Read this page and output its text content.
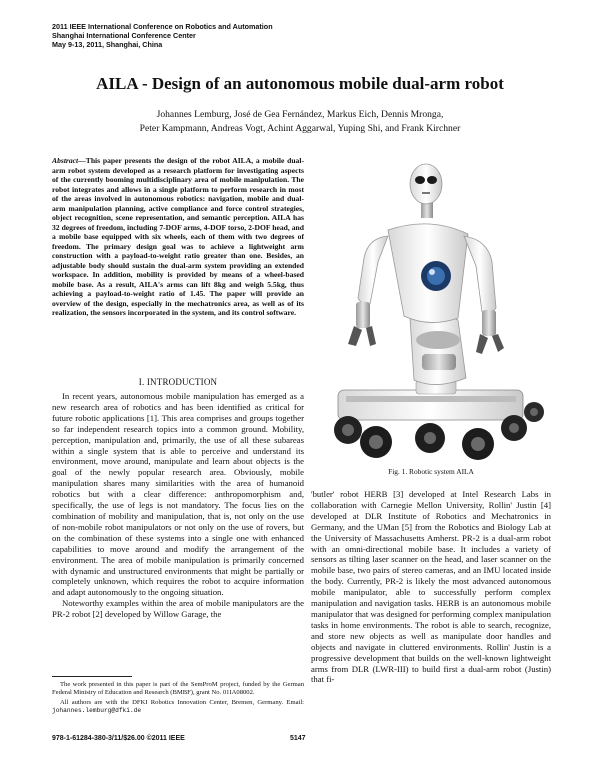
2011 IEEE International Conference on Robotics and Automation
Shanghai International Conference Center
May 9-13, 2011, Shanghai, China
AILA - Design of an autonomous mobile dual-arm robot
Johannes Lemburg, José de Gea Fernández, Markus Eich, Dennis Mronga,
Peter Kampmann, Andreas Vogt, Achint Aggarwal, Yuping Shi, and Frank Kirchner
Abstract—This paper presents the design of the robot AILA, a mobile dual-arm robot system developed as a research platform for investigating aspects of the currently booming multidisciplinary area of mobile manipulation. The robot integrates and allows in a single platform to perform research in most of the areas involved in autonomous robotics: navigation, mobile and dual-arm manipulation planning, active compliance and force control strategies, object recognition, scene representation, and semantic perception. AILA has 32 degrees of freedom, including 7-DOF arms, 4-DOF torso, 2-DOF head, and a mobile base equipped with six wheels, each of them with two degrees of freedom. The primary design goal was to achieve a lightweight arm construction with a payload-to-weight ratio greater than one. Besides, an adjustable body should sustain the dual-arm system providing an extended workspace. In addition, mobility is provided by means of a wheel-based mobile base. As a result, AILA's arms can lift 8kg and weigh 5.5kg, thus achieving a payload-to-weight ratio of 1.45. The paper will provide an overview of the design, especially in the mechatronics area, as well as of its realization, the sensors incorporated in the system, and its control software.
I. INTRODUCTION

In recent years, autonomous mobile manipulation has emerged as a new research area of robotics and has been identified as critical for future robotic applications [1]. This area comprises and groups together so far independent research topics into a common ground. Mobility, perception, manipulation and, primarily, the use of all these subareas within a single system that is able to perceive and understand its environment, move around, manipulate and learn about objects is the goal of the newly popular research area. Obviously, mobile manipulation shares many similarities with the area of humanoid robotics but with a clear difference: anthropomorphism and, specifically, the use of legs is not mandatory. The focus lies on the combination of mobility and manipulation, that is, not only on the use of non-mobile robot manipulators or not only on the use of rovers, but on the combination of these systems into a single one with enhanced capabilities to move around and modify the arrangement of the environment. The area of mobile manipulation is primarily concerned with dynamic and unstructured environments that might be partially or completely unknown, which requires the robot to acquire information and adapt autonomously to the ongoing situation.

Noteworthy examples within the area of mobile manipulators are the PR-2 robot [2] developed by Willow Garage, the

The work presented in this paper is part of the SemProM project, funded by the German Federal Ministry of Education and Research (BMBF), grant No. 01IA08002.

All authors are with the DFKI Robotics Innovation Center, Bremen, Germany. Email: johannes.lemburg@dfki.de

Fig. 1. Robotic system AILA

'butler' robot HERB [3] developed at Intel Research Labs in collaboration with Carnegie Mellon University, Rollin' Justin [4] developed at DLR Institute of Robotics and Mechatronics in Germany, and the UMan [5] from the Robotics and Biology Lab at the University of Massachusetts Amherst. PR-2 is a dual-arm robot with an omni-directional mobile base. It includes a variety of sensors as tilting laser scanner on the head, and laser scanner on the mobile base, two pairs of stereo cameras, and an IMU located inside the body. Currently, PR-2 is likely the most advanced autonomous mobile manipulator, able to successfully perform complex manipulation and navigation tasks. HERB is an autonomous mobile manipulator that was designed for performing complex manipulation tasks in home environments. The robot is able to search, recognize, and store new objects as well as manipulate door handles and objects and navigate in cluttered environments. Rollin' Justin is a progressive development that builds on the well-known lightweight arms from DLR (LWR-III) to build first a dual-arm robot (Justin) that fi-

978-1-61284-380-3/11/$26.00 ©2011 IEEE	5147
